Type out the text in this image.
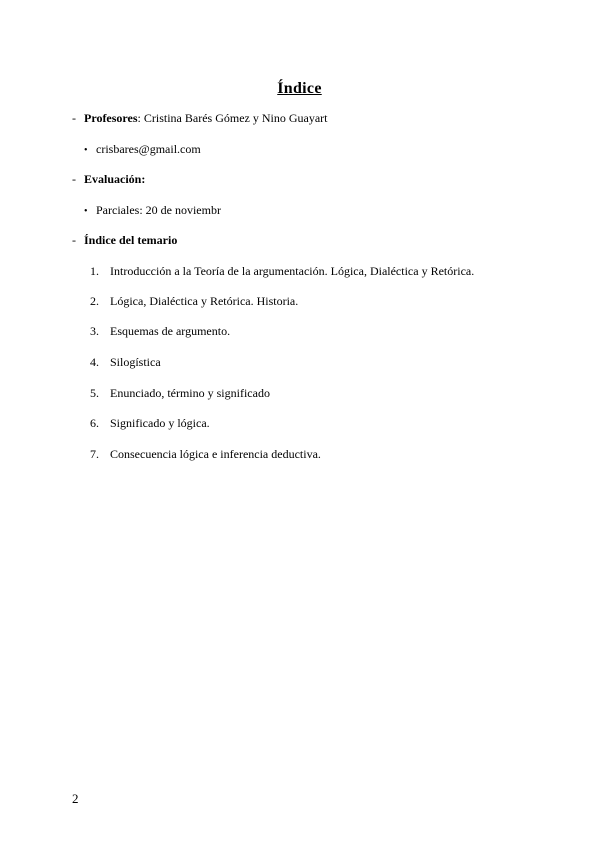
Índice
- Profesores: Cristina Barés Gómez y Nino Guayart
• crisbares@gmail.com
- Evaluación:
• Parciales: 20 de noviembr
- Índice del temario
1. Introducción a la Teoría de la argumentación. Lógica, Dialéctica y Retórica.
2. Lógica, Dialéctica y Retórica. Historia.
3. Esquemas de argumento.
4. Silogística
5. Enunciado, término y significado
6. Significado y lógica.
7. Consecuencia lógica e inferencia deductiva.
2
